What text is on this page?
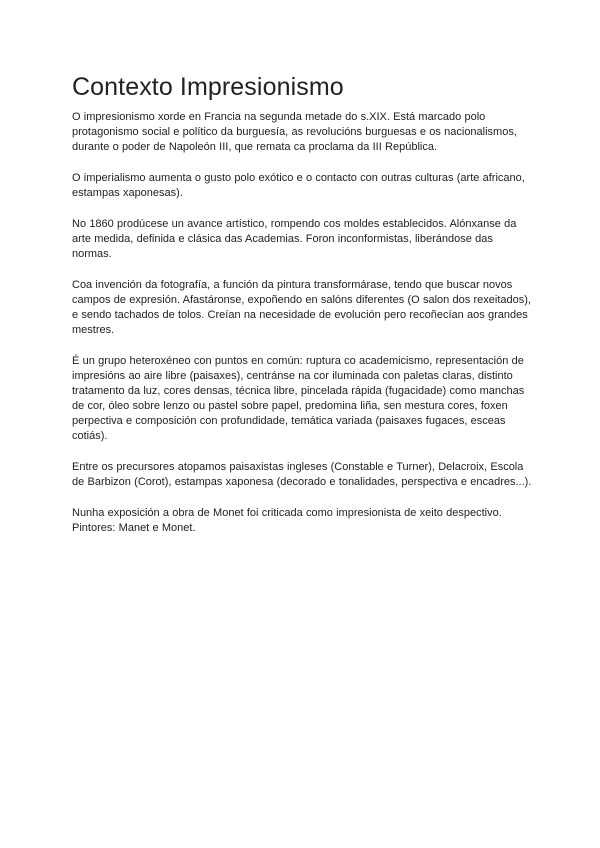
Contexto Impresionismo

O impresionismo xorde en Francia na segunda metade do s.XIX. Está marcado polo protagonismo social e político da burguesía, as revolucións burguesas e os nacionalismos, durante o poder de Napoleón III, que remata ca proclama da III República.

O imperialismo aumenta o gusto polo exótico e o contacto con outras culturas (arte africano, estampas xaponesas).

No 1860 prodúcese un avance artístico, rompendo cos moldes establecidos. Alónxanse da arte medida, definida e clásica das Academias. Foron inconformistas, liberándose das normas.

Coa invención da fotografía, a función da pintura transformárase, tendo que buscar novos campos de expresión. Afastáronse, expoñendo en salóns diferentes (O salon dos rexeitados), e sendo tachados de tolos. Creían na necesidade de evolución pero recoñecían aos grandes mestres.

É un grupo heteroxéneo con puntos en común: ruptura co academicismo, representación de impresións ao aire libre (paisaxes), centránse na cor iluminada con paletas claras, distinto tratamento da luz, cores densas, técnica libre, pincelada rápida (fugacidade) como manchas de cor, óleo sobre lenzo ou pastel sobre papel, predomina liña, sen mestura cores, foxen perpectiva e composición con profundidade, temática variada (paisaxes fugaces, esceas cotiás).

Entre os precursores atopamos paisaxistas ingleses (Constable e Turner), Delacroix, Escola de Barbizon (Corot), estampas xaponesa (decorado e tonalidades, perspectiva e encadres...).

Nunha exposición a obra de Monet foi criticada como impresionista de xeito despectivo. Pintores: Manet e Monet.
